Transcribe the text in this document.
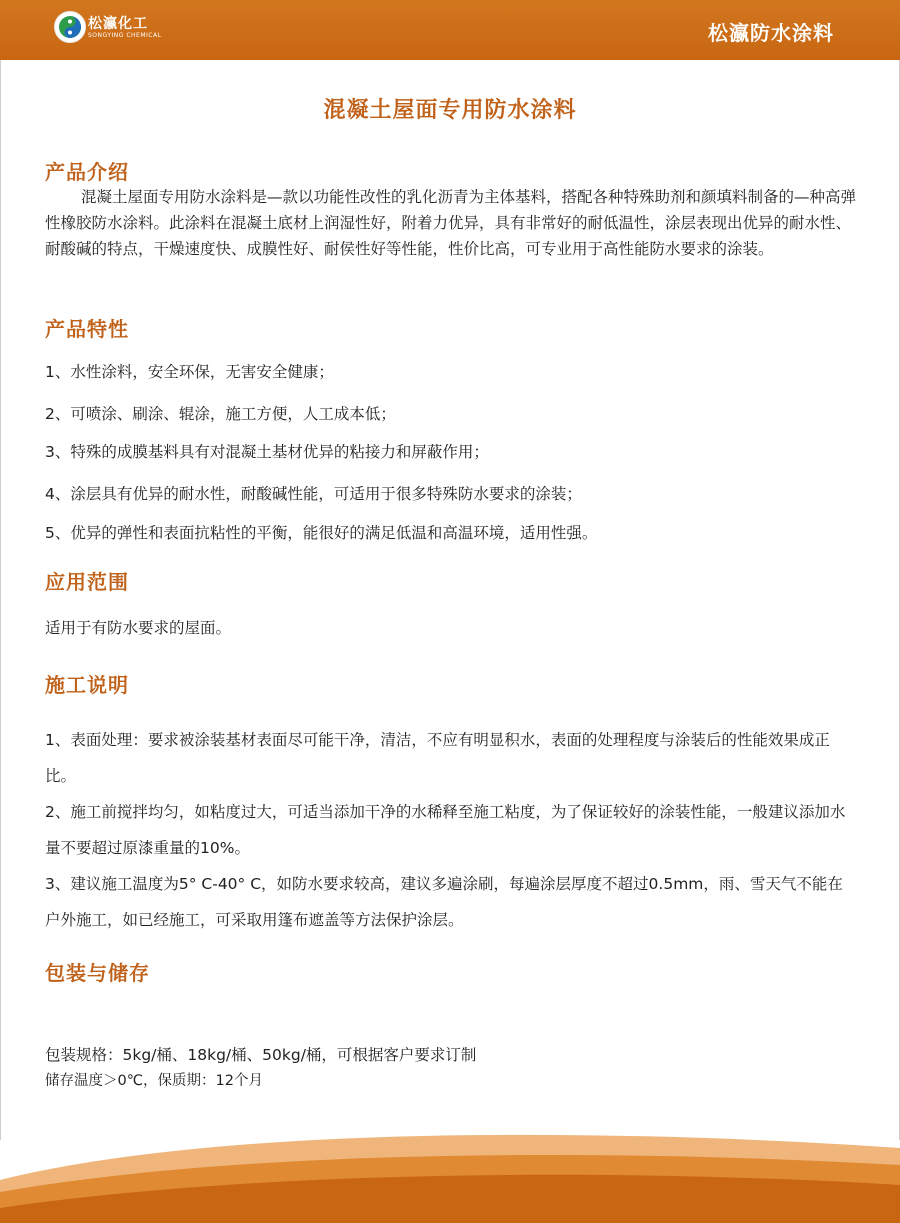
松瀛化工
SONGYING CHEMICAL	松瀛防水涂料
混凝土屋面专用防水涂料
产品介绍

混凝土屋面专用防水涂料是—款以功能性改性的乳化沥青为主体基料，搭配各种特殊助剂和颜填料制备的—种高弹性橡胶防水涂料。此涂料在混凝土底材上润湿性好，附着力优异，具有非常好的耐低温性，涂层表现出优异的耐水性、耐酸碱的特点，干燥速度快、成膜性好、耐侯性好等性能，性价比高，可专业用于高性能防水要求的涂装。

产品特性
1、水性涂料，安全环保，无害安全健康；
2、可喷涂、刷涂、辊涂，施工方便，人工成本低；
3、特殊的成膜基料具有对混凝土基材优异的粘接力和屏蔽作用；
4、涂层具有优异的耐水性，耐酸碱性能，可适用于很多特殊防水要求的涂装；
5、优异的弹性和表面抗粘性的平衡，能很好的满足低温和高温环境，适用性强。
应用范围
适用于有防水要求的屋面。
施工说明

1、表面处理：要求被涂装基材表面尽可能干净，清洁，不应有明显积水，表面的处理程度与涂装后的性能效果成正比。

2、施工前搅拌均匀，如粘度过大，可适当添加干净的水稀释至施工粘度，为了保证较好的涂装性能，一般建议添加水量不要超过原漆重量的10%。

3、建议施工温度为5° C-40° C，如防水要求较高，建议多遍涂刷，每遍涂层厚度不超过0.5mm，雨、雪天气不能在户外施工，如已经施工，可采取用篷布遮盖等方法保护涂层。

包装与储存
包装规格：5kg/桶、18kg/桶、50kg/桶，可根据客户要求订制
储存温度＞0℃，保质期：12个月
